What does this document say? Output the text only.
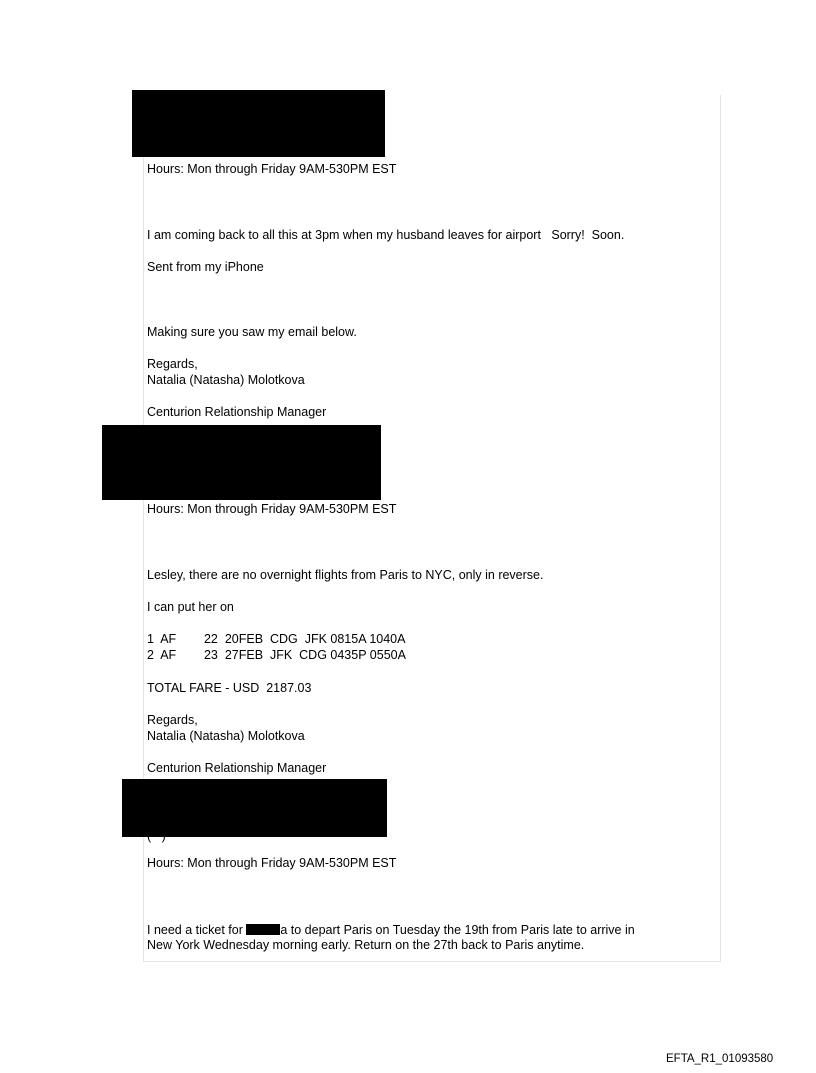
Hours: Mon through Friday 9AM-530PM EST
I am coming back to all this at 3pm when my husband leaves for airport   Sorry!  Soon.
Sent from my iPhone
Making sure you saw my email below.
Regards,
Natalia (Natasha) Molotkova
Centurion Relationship Manager
Hours: Mon through Friday 9AM-530PM EST
Lesley, there are no overnight flights from Paris to NYC, only in reverse.
I can put her on
1  AF        22  20FEB  CDG  JFK 0815A 1040A
2  AF        23  27FEB  JFK  CDG 0435P 0550A
TOTAL FARE - USD  2187.03
Regards,
Natalia (Natasha) Molotkova
Centurion Relationship Manager
Hours: Mon through Friday 9AM-530PM EST
I need a ticket for	a to depart Paris on Tuesday the 19th from Paris late to arrive in
New York Wednesday morning early. Return on the 27th back to Paris anytime.
EFTA_R1_01093580
